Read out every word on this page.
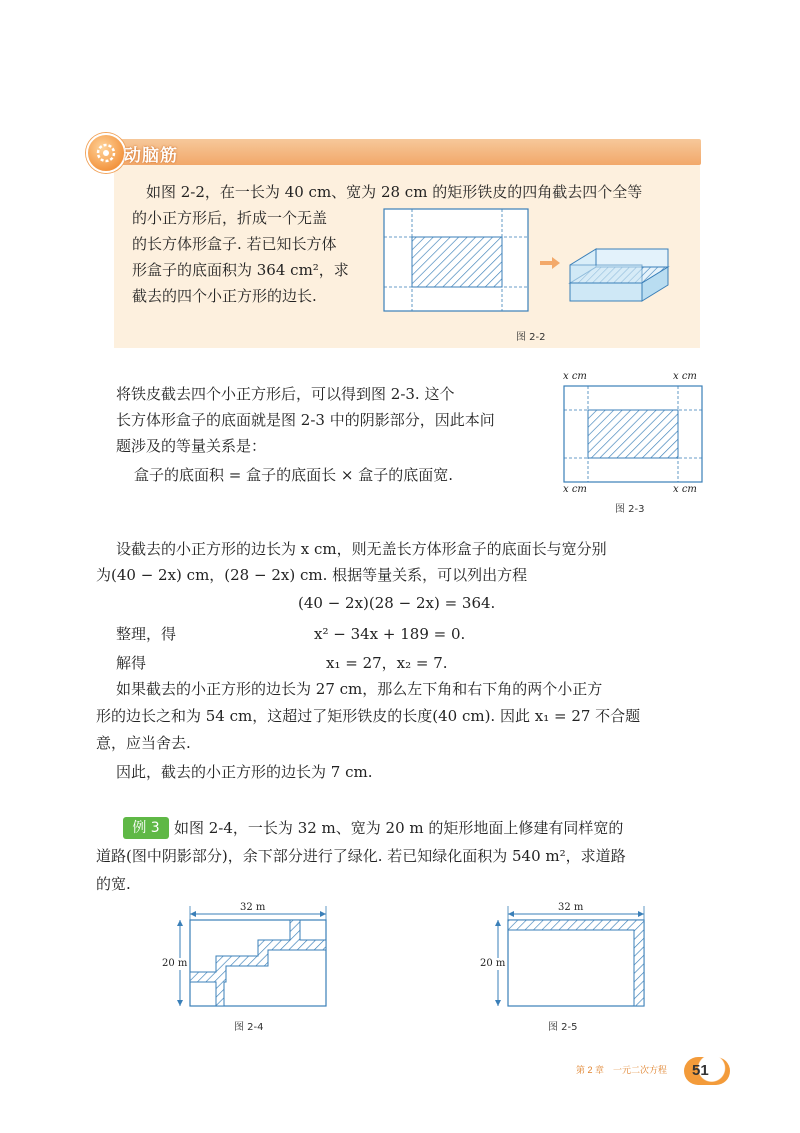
动脑筋
如图 2-2，在一长为 40 cm、宽为 28 cm 的矩形铁皮的四角截去四个全等
的小正方形后，折成一个无盖
的长方体形盒子. 若已知长方体
形盒子的底面积为 364 cm²，求
截去的四个小正方形的边长.
图 2-2
将铁皮截去四个小正方形后，可以得到图 2-3. 这个
长方体形盒子的底面就是图 2-3 中的阴影部分，因此本问
题涉及的等量关系是：
盒子的底面积 = 盒子的底面长 × 盒子的底面宽.
x cm	x cm
x cm	x cm
图 2-3
设截去的小正方形的边长为 x cm，则无盖长方体形盒子的底面长与宽分别
为(40 − 2x) cm，(28 − 2x) cm. 根据等量关系，可以列出方程
(40 − 2x)(28 − 2x) = 364.
整理，得	x² − 34x + 189 = 0.
解得	x₁ = 27，x₂ = 7.
如果截去的小正方形的边长为 27 cm，那么左下角和右下角的两个小正方
形的边长之和为 54 cm，这超过了矩形铁皮的长度(40 cm). 因此 x₁ = 27 不合题
意，应当舍去.
因此，截去的小正方形的边长为 7 cm.
例 3 如图 2-4，一长为 32 m、宽为 20 m 的矩形地面上修建有同样宽的
道路(图中阴影部分)，余下部分进行了绿化. 若已知绿化面积为 540 m²，求道路
的宽.
32 m
20 m
图 2-4
32 m
20 m
图 2-5
第 2 章　一元二次方程 51
